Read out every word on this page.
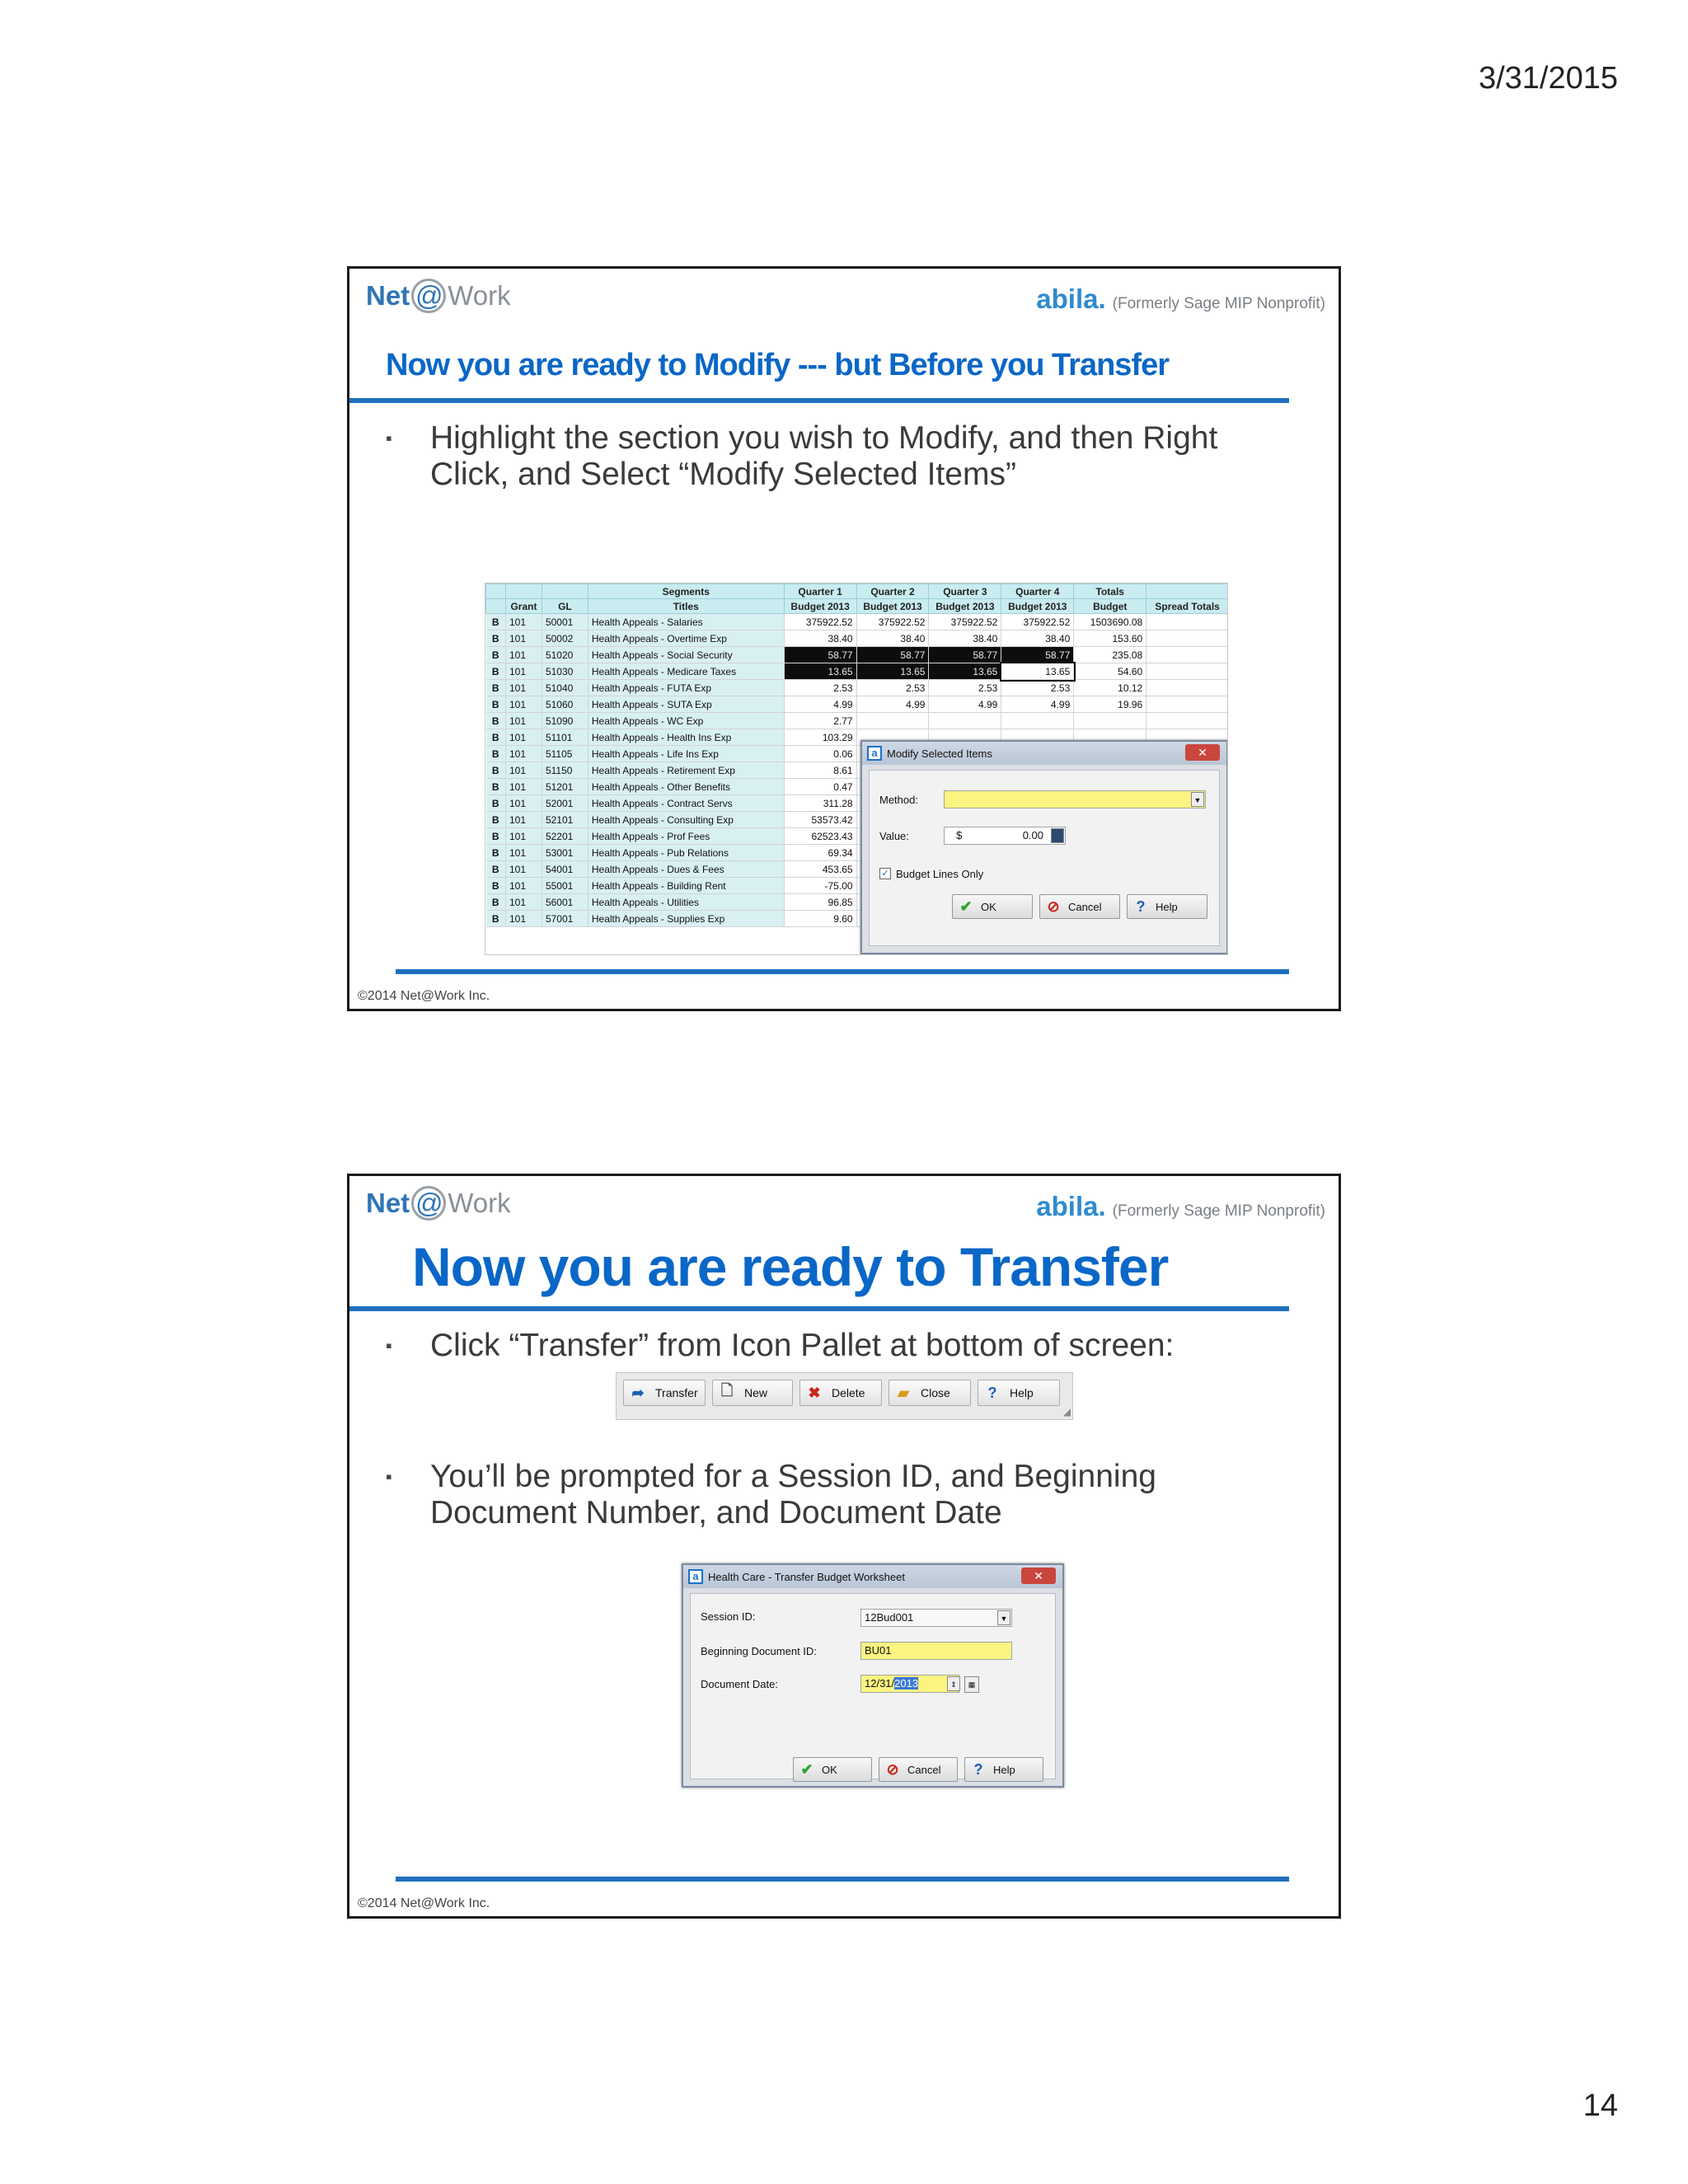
3/31/2015
Net @ Work	abila. (Formerly Sage MIP Nonprofit)
Now you are ready to Modify --- but Before you Transfer
▪	Highlight the section you wish to Modify, and then Right Click, and Select “Modify Selected Items”
			Segments	Quarter 1	Quarter 2	Quarter 3	Quarter 4	Totals	
	Grant	GL	Titles	Budget 2013	Budget 2013	Budget 2013	Budget 2013	Budget	Spread Totals
B	101	50001	Health Appeals - Salaries	375922.52	375922.52	375922.52	375922.52	1503690.08	
B	101	50002	Health Appeals - Overtime Exp	38.40	38.40	38.40	38.40	153.60	
B	101	51020	Health Appeals - Social Security	58.77	58.77	58.77	58.77	235.08	
B	101	51030	Health Appeals - Medicare Taxes	13.65	13.65	13.65	13.65	54.60	
B	101	51040	Health Appeals - FUTA Exp	2.53	2.53	2.53	2.53	10.12	
B	101	51060	Health Appeals - SUTA Exp	4.99	4.99	4.99	4.99	19.96	
B	101	51090	Health Appeals - WC Exp	2.77					
B	101	51101	Health Appeals - Health Ins Exp	103.29					
B	101	51105	Health Appeals - Life Ins Exp	0.06					
B	101	51150	Health Appeals - Retirement Exp	8.61					
B	101	51201	Health Appeals - Other Benefits	0.47					
B	101	52001	Health Appeals - Contract Servs	311.28					
B	101	52101	Health Appeals - Consulting Exp	53573.42					
B	101	52201	Health Appeals - Prof Fees	62523.43					
B	101	53001	Health Appeals - Pub Relations	69.34					
B	101	54001	Health Appeals - Dues & Fees	453.65					
B	101	55001	Health Appeals - Building Rent	-75.00					
B	101	56001	Health Appeals - Utilities	96.85					
B	101	57001	Health Appeals - Supplies Exp	9.60					
a Modify Selected Items	✕
Method:	▼
Value:	$	0.00
✓ Budget Lines Only
✔ OK	⊘ Cancel ? Help
©2014 Net@Work Inc.
Net @ Work	abila. (Formerly Sage MIP Nonprofit)
Now you are ready to Transfer
▪	Click “Transfer” from Icon Pallet at bottom of screen:
➦ Transfer 🗋 New	✖ Delete ▰ Close	?	Help
◢
▪	You’ll be prompted for a Session ID, and Beginning Document Number, and Document Date
a Health Care - Transfer Budget Worksheet	✕
Session ID:	12Bud001	▼
Beginning Document ID:	BU01
Document Date:	12/31/2013	⇕	▦
✔ OK	⊘ Cancel ? Help
©2014 Net@Work Inc.
14
